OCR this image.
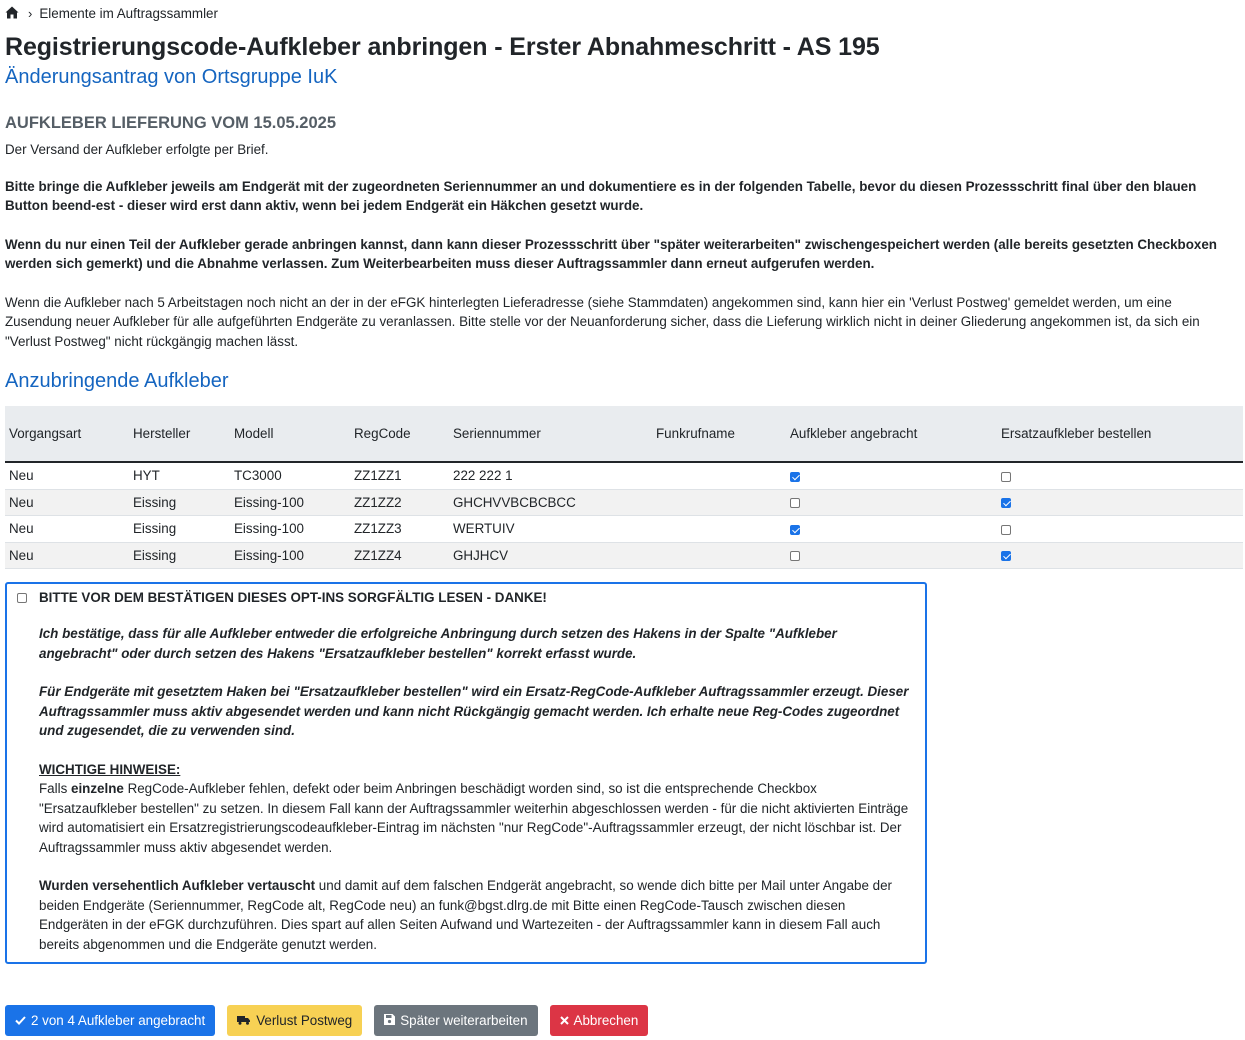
› Elemente im Auftragssammler
Registrierungscode-Aufkleber anbringen - Erster Abnahmeschritt - AS 195
Änderungsantrag von Ortsgruppe IuK
AUFKLEBER LIEFERUNG VOM 15.05.2025

Der Versand der Aufkleber erfolgte per Brief.

Bitte bringe die Aufkleber jeweils am Endgerät mit der zugeordneten Seriennummer an und dokumentiere es in der folgenden Tabelle, bevor du diesen Prozessschritt final über den blauen Button beend-est - dieser wird erst dann aktiv, wenn bei jedem Endgerät ein Häkchen gesetzt wurde.

Wenn du nur einen Teil der Aufkleber gerade anbringen kannst, dann kann dieser Prozessschritt über "später weiterarbeiten" zwischengespeichert werden (alle bereits gesetzten Checkboxen werden sich gemerkt) und die Abnahme verlassen. Zum Weiterbearbeiten muss dieser Auftragssammler dann erneut aufgerufen werden.

Wenn die Aufkleber nach 5 Arbeitstagen noch nicht an der in der eFGK hinterlegten Lieferadresse (siehe Stammdaten) angekommen sind, kann hier ein 'Verlust Postweg' gemeldet werden, um eine Zusendung neuer Aufkleber für alle aufgeführten Endgeräte zu veranlassen. Bitte stelle vor der Neuanforderung sicher, dass die Lieferung wirklich nicht in deiner Gliederung angekommen ist, da sich ein "Verlust Postweg" nicht rückgängig machen lässt.

Anzubringende Aufkleber
Vorgangsart	Hersteller	Modell	RegCode	Seriennummer	Funkrufname	Aufkleber angebracht	Ersatzaufkleber bestellen
Neu	HYT	TC3000	ZZ1ZZ1	222 222 1			
Neu	Eissing	Eissing-100	ZZ1ZZ2	GHCHVVBCBCBCC			
Neu	Eissing	Eissing-100	ZZ1ZZ3	WERTUIV			
Neu	Eissing	Eissing-100	ZZ1ZZ4	GHJHCV			
BITTE VOR DEM BESTÄTIGEN DIESES OPT-INS SORGFÄLTIG LESEN - DANKE!

Ich bestätige, dass für alle Aufkleber entweder die erfolgreiche Anbringung durch setzen des Hakens in der Spalte "Aufkleber angebracht" oder durch setzen des Hakens "Ersatzaufkleber bestellen" korrekt erfasst wurde.

Für Endgeräte mit gesetztem Haken bei "Ersatzaufkleber bestellen" wird ein Ersatz-RegCode-Aufkleber Auftragssammler erzeugt. Dieser Auftragssammler muss aktiv abgesendet werden und kann nicht Rückgängig gemacht werden. Ich erhalte neue Reg-Codes zugeordnet und zugesendet, die zu verwenden sind.

WICHTIGE HINWEISE:

Falls einzelne RegCode-Aufkleber fehlen, defekt oder beim Anbringen beschädigt worden sind, so ist die entsprechende Checkbox "Ersatzaufkleber bestellen" zu setzen. In diesem Fall kann der Auftragssammler weiterhin abgeschlossen werden - für die nicht aktivierten Einträge wird automatisiert ein Ersatzregistrierungscodeaufkleber-Eintrag im nächsten "nur RegCode"-Auftragssammler erzeugt, der nicht löschbar ist. Der Auftragssammler muss aktiv abgesendet werden.

Wurden versehentlich Aufkleber vertauscht und damit auf dem falschen Endgerät angebracht, so wende dich bitte per Mail unter Angabe der beiden Endgeräte (Seriennummer, RegCode alt, RegCode neu) an funk@bgst.dlrg.de mit Bitte einen RegCode-Tausch zwischen diesen Endgeräten in der eFGK durchzuführen. Dies spart auf allen Seiten Aufwand und Wartezeiten - der Auftragssammler kann in diesem Fall auch bereits abgenommen und die Endgeräte genutzt werden.

2 von 4 Aufkleber angebracht	Verlust Postweg	Später weiterarbeiten	Abbrechen
